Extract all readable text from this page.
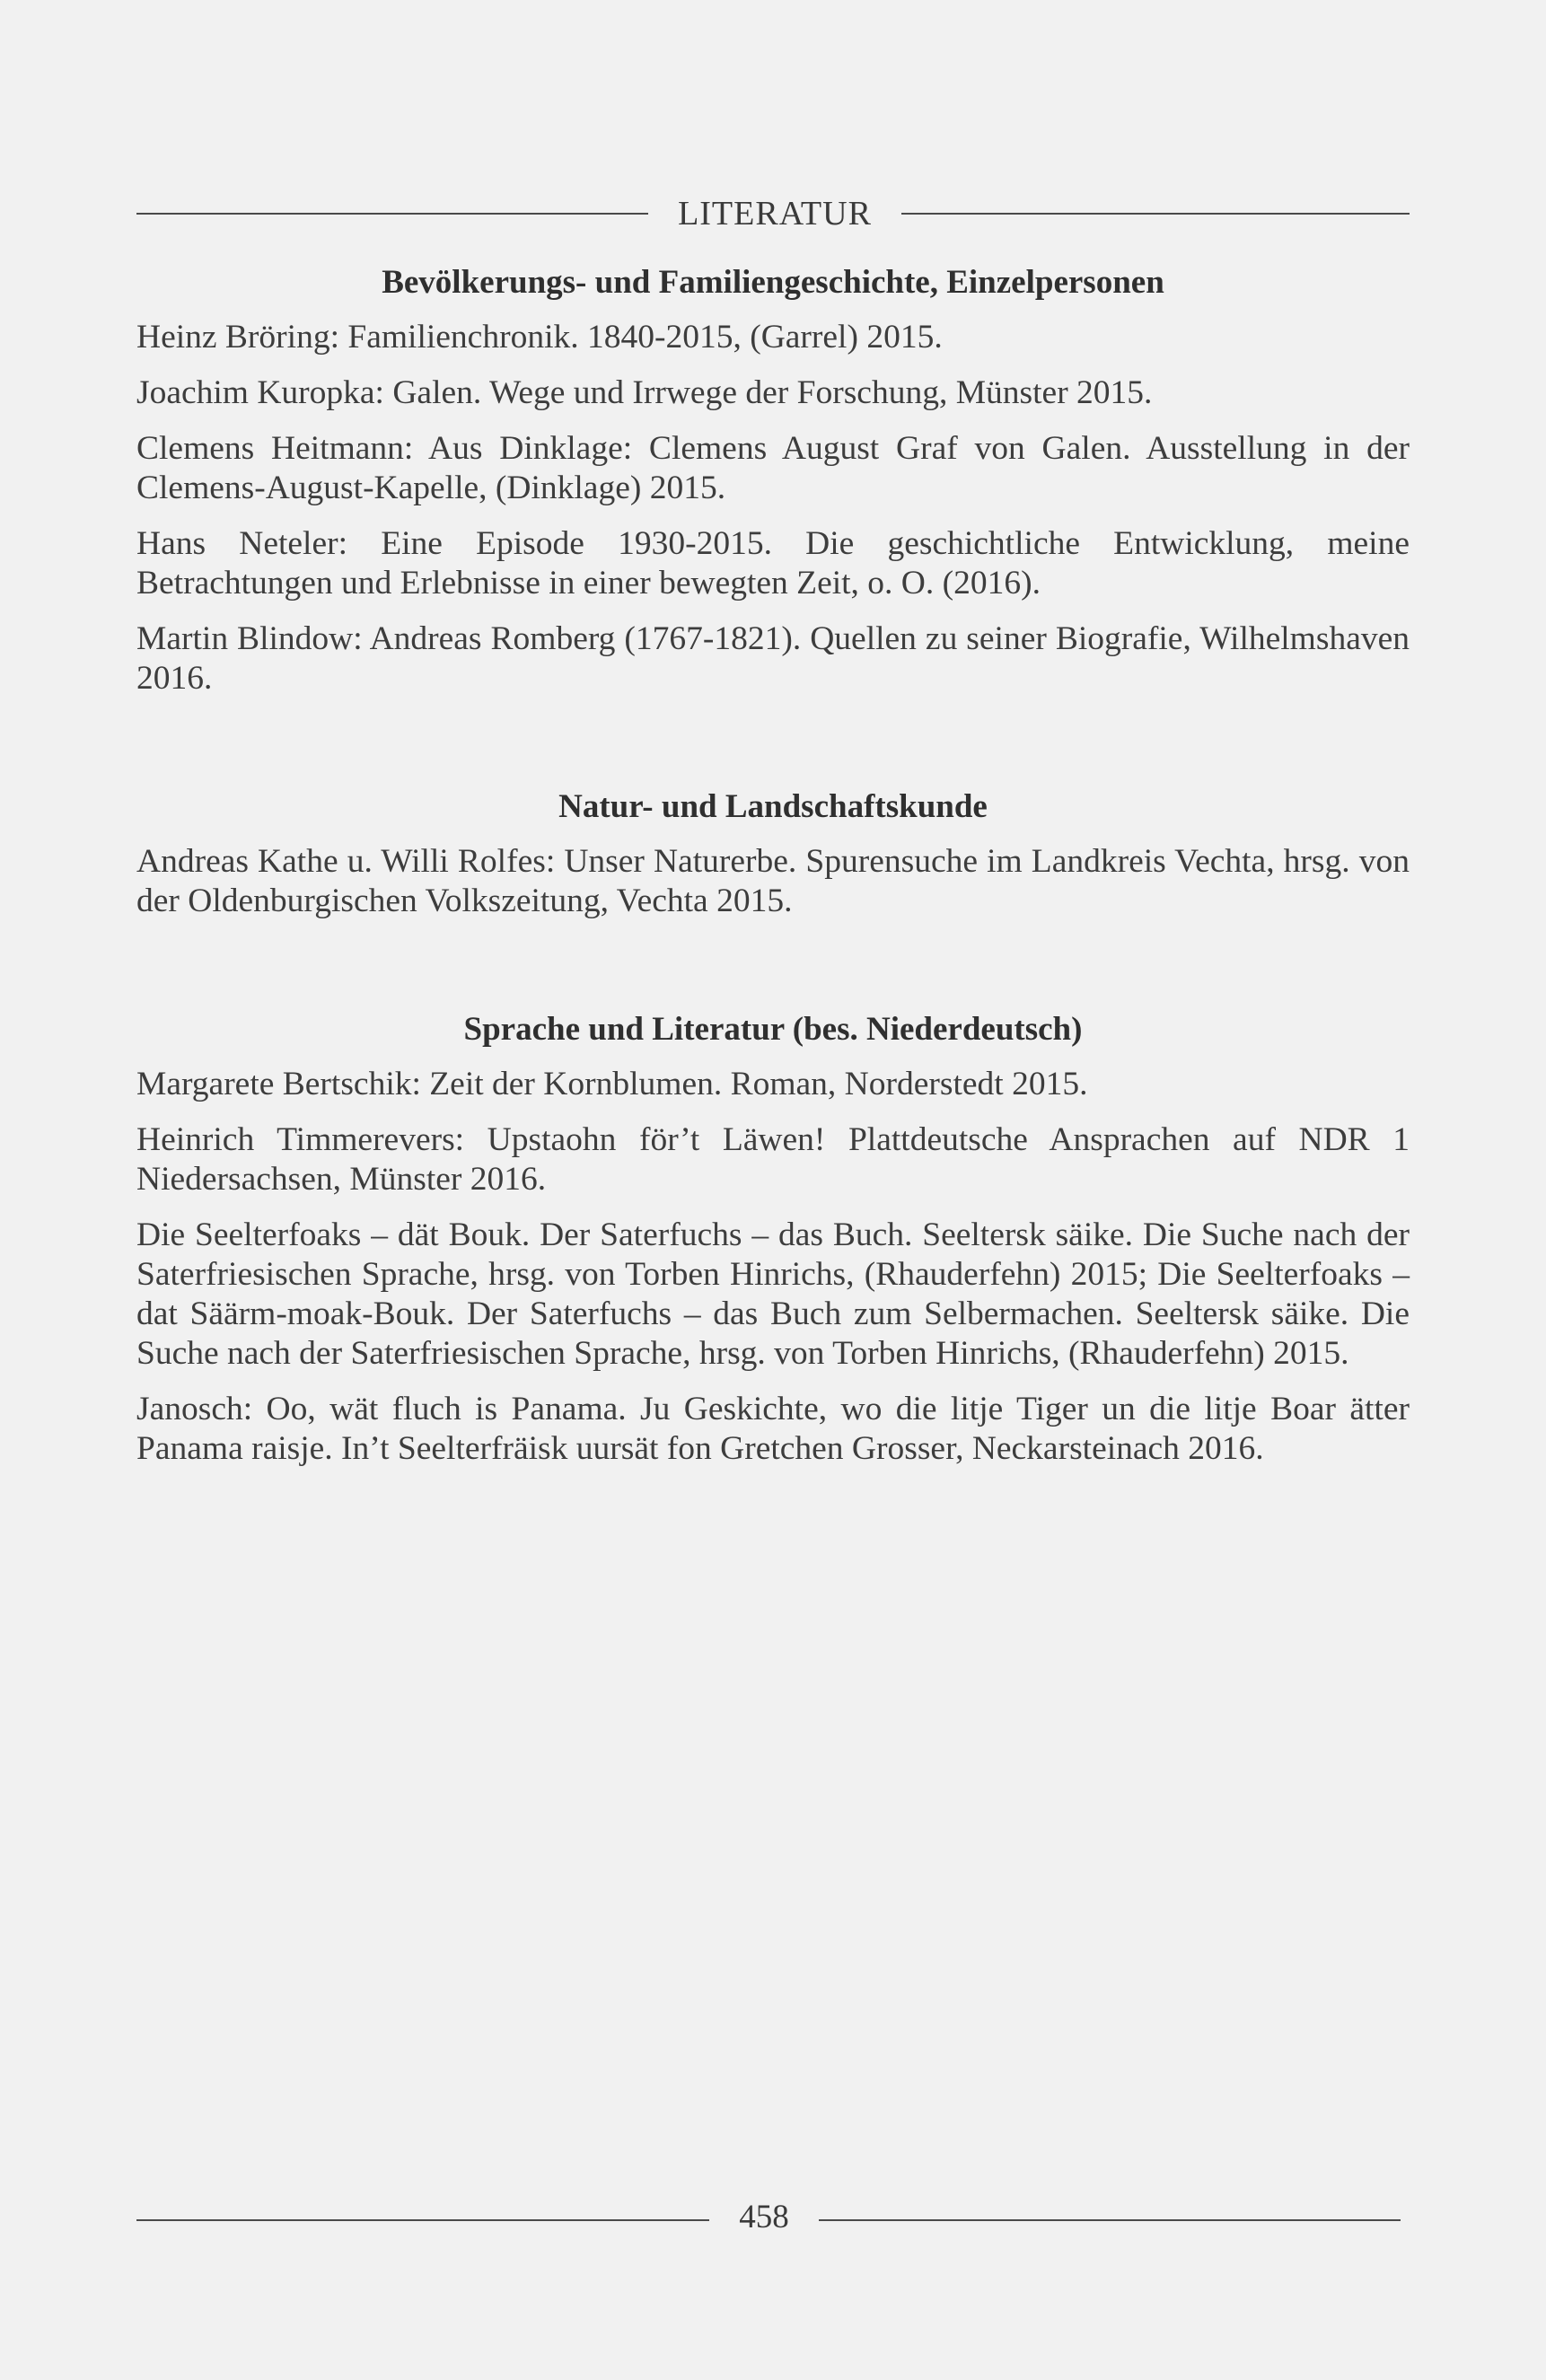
LITERATUR
Bevölkerungs- und Familiengeschichte, Einzelpersonen

Heinz Bröring: Familienchronik. 1840-2015, (Garrel) 2015.

Joachim Kuropka: Galen. Wege und Irrwege der Forschung, Münster 2015.

Clemens Heitmann: Aus Dinklage: Clemens August Graf von Galen. Ausstellung in der Clemens-August-Kapelle, (Dinklage) 2015.

Hans Neteler: Eine Episode 1930-2015. Die geschichtliche Entwicklung, meine Betrachtungen und Erlebnisse in einer bewegten Zeit, o. O. (2016).

Martin Blindow: Andreas Romberg (1767-1821). Quellen zu seiner Biografie, Wilhelmshaven 2016.

Natur- und Landschaftskunde

Andreas Kathe u. Willi Rolfes: Unser Naturerbe. Spurensuche im Landkreis Vechta, hrsg. von der Oldenburgischen Volkszeitung, Vechta 2015.

Sprache und Literatur (bes. Niederdeutsch)

Margarete Bertschik: Zeit der Kornblumen. Roman, Norderstedt 2015.

Heinrich Timmerevers: Upstaohn för’t Läwen! Plattdeutsche Ansprachen auf NDR 1 Niedersachsen, Münster 2016.

Die Seelterfoaks – dät Bouk. Der Saterfuchs – das Buch. Seeltersk säike. Die Suche nach der Saterfriesischen Sprache, hrsg. von Torben Hinrichs, (Rhauderfehn) 2015; Die Seelterfoaks – dat Säärm-moak-Bouk. Der Saterfuchs – das Buch zum Selbermachen. Seeltersk säike. Die Suche nach der Saterfriesischen Sprache, hrsg. von Torben Hinrichs, (Rhauderfehn) 2015.

Janosch: Oo, wät fluch is Panama. Ju Geskichte, wo die litje Tiger un die litje Boar ätter Panama raisje. In’t Seelterfräisk uursät fon Gretchen Grosser, Neckarsteinach 2016.

458
